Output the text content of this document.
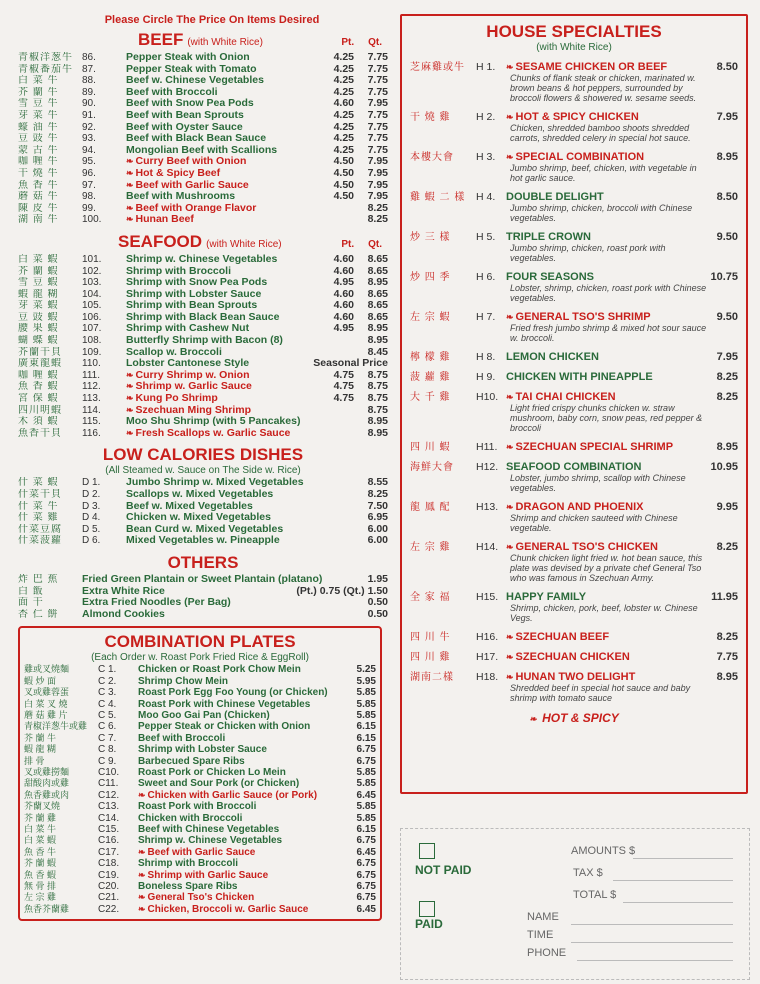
Please Circle The Price On Items Desired
BEEF (with White Rice)	Pt. Qt.
青椒洋葱牛 86.	Pepper Steak with Onion	4.25	7.75
青椒番茄牛 87.	Pepper Steak with Tomato	4.25	7.75
白 菜 牛	88.	Beef w. Chinese Vegetables	4.25	7.75
芥 蘭 牛	89.	Beef with Broccoli	4.25	7.75
雪 豆 牛	90.	Beef with Snow Pea Pods	4.60	7.95
芽 菜 牛	91.	Beef with Bean Sprouts	4.25	7.75
蠔 油 牛	92.	Beef with Oyster Sauce	4.25	7.75
豆 豉 牛	93.	Beef with Black Bean Sauce	4.25	7.75
蒙 古 牛	94.	Mongolian Beef with Scallions	4.25	7.75
咖 喱 牛	95.	❧ Curry Beef with Onion	4.50	7.95
干 燒 牛	96.	❧ Hot & Spicy Beef	4.50	7.95
魚 香 牛	97.	❧ Beef with Garlic Sauce	4.50	7.95
蘑 菇 牛	98.	Beef with Mushrooms	4.50	7.95
陳 皮 牛	99.	❧ Beef with Orange Flavor	8.25
湖 南 牛	100.	❧ Hunan Beef	8.25
SEAFOOD (with White Rice)	Pt. Qt.
白 菜 蝦	101.	Shrimp w. Chinese Vegetables	4.60	8.65
芥 蘭 蝦	102.	Shrimp with Broccoli	4.60	8.65
雪 豆 蝦	103.	Shrimp with Snow Pea Pods	4.95	8.95
蝦 龍 糊	104.	Shrimp with Lobster Sauce	4.60	8.65
芽 菜 蝦	105.	Shrimp with Bean Sprouts	4.60	8.65
豆 豉 蝦	106.	Shrimp with Black Bean Sauce	4.60	8.65
腰 果 蝦	107.	Shrimp with Cashew Nut	4.95	8.95
蝴 蝶 蝦	108.	Butterfly Shrimp with Bacon (8)	8.95
芥蘭干貝	109.	Scallop w. Broccoli	8.45
廣東龍蝦	110.	Lobster Cantonese Style	Seasonal Price
咖 喱 蝦	111.	❧ Curry Shrimp w. Onion	4.75	8.75
魚 香 蝦	112.	❧ Shrimp w. Garlic Sauce	4.75	8.75
宮 保 蝦	113.	❧ Kung Po Shrimp	4.75	8.75
四川明蝦	114.	❧ Szechuan Ming Shrimp	8.75
木 須 蝦	115.	Moo Shu Shrimp (with 5 Pancakes)	8.95
魚香干貝	116.	❧ Fresh Scallops w. Garlic Sauce	8.95
LOW CALORIES DISHES
(All Steamed w. Sauce on The Side w. Rice)
什 菜 蝦	D 1.	Jumbo Shrimp w. Mixed Vegetables	8.55
什菜干貝	D 2.	Scallops w. Mixed Vegetables	8.25
什 菜 牛	D 3.	Beef w. Mixed Vegetables	7.50
什 菜 雞	D 4.	Chicken w. Mixed Vegetables	6.95
什菜豆腐	D 5.	Bean Curd w. Mixed Vegetables	6.00
什菜菠蘿	D 6.	Mixed Vegetables w. Pineapple	6.00
OTHERS
炸 巴 蕉	Fried Green Plantain or Sweet Plantain (platano)	1.95
白 飯	Extra White Rice	(Pt.) 0.75 (Qt.) 1.50
面 干	Extra Fried Noodles (Per Bag)	0.50
杏 仁 餅	Almond Cookies	0.50
COMBINATION PLATES
(Each Order w. Roast Pork Fried Rice & EggRoll)
雞或叉燒麵	C 1.	Chicken or Roast Pork Chow Mein	5.25
蝦 炒 面	C 2.	Shrimp Chow Mein	5.95
叉或雞蓉蛋	C 3.	Roast Pork Egg Foo Young (or Chicken)	5.85
白 菜 叉 燒	C 4.	Roast Pork with Chinese Vegetables	5.85
蘑 菇 雞 片	C 5.	Moo Goo Gai Pan (Chicken)	5.85
青椒洋葱牛或雞	C 6.	Pepper Steak or Chicken with Onion	6.15
芥 蘭 牛	C 7.	Beef with Broccoli	6.15
蝦 龍 糊	C 8.	Shrimp with Lobster Sauce	6.75
排 骨	C 9.	Barbecued Spare Ribs	6.75
叉或雞撈麵	C10.	Roast Pork or Chicken Lo Mein	5.85
甜酸肉或雞	C11.	Sweet and Sour Pork (or Chicken)	5.85
魚香雞或肉	C12.	❧ Chicken with Garlic Sauce (or Pork)	6.45
芥蘭叉燒	C13.	Roast Pork with Broccoli	5.85
芥 蘭 雞	C14.	Chicken with Broccoli	5.85
白 菜 牛	C15.	Beef with Chinese Vegetables	6.15
白 菜 蝦	C16.	Shrimp w. Chinese Vegetables	6.75
魚 香 牛	C17.	❧ Beef with Garlic Sauce	6.45
芥 蘭 蝦	C18.	Shrimp with Broccoli	6.75
魚 香 蝦	C19.	❧ Shrimp with Garlic Sauce	6.75
無 骨 排	C20.	Boneless Spare Ribs	6.75
左 宗 雞	C21.	❧ General Tso's Chicken	6.75
魚香芥蘭雞	C22.	❧ Chicken, Broccoli w. Garlic Sauce	6.45
HOUSE SPECIALTIES
(with White Rice)
芝麻雞或牛	H 1.	❧ SESAME CHICKEN OR BEEF	8.50
Chunks of flank steak or chicken, marinated w. brown beans & hot peppers, surrounded by broccoli flowers & showered w. sesame seeds.
干 燒 雞	H 2.	❧ HOT & SPICY CHICKEN	7.95
Chicken, shredded bamboo shoots shredded carrots, shredded celery in special hot sauce.
本樓大會	H 3.	❧ SPECIAL COMBINATION	8.95
Jumbo shrimp, beef, chicken, with vegetable in hot garlic sauce.
雞 蝦 二 樣	H 4. DOUBLE DELIGHT	8.50
Jumbo shrimp, chicken, broccoli with Chinese vegetables.
炒 三 樣	H 5. TRIPLE CROWN	9.50
Jumbo shrimp, chicken, roast pork with vegetables.
炒 四 季	H 6. FOUR SEASONS	10.75
Lobster, shrimp, chicken, roast pork with Chinese vegetables.
左 宗 蝦	H 7.	❧ GENERAL TSO'S SHRIMP	9.50
Fried fresh jumbo shrimp & mixed hot sour sauce w. broccoli.
檸 檬 雞	H 8. LEMON CHICKEN	7.95
菠 蘿 雞	H 9. CHICKEN WITH PINEAPPLE	8.25
大 千 雞	H10. ❧ TAI CHAI CHICKEN	8.25
Light fried crispy chunks chicken w. straw mushroom, baby corn, snow peas, red pepper & broccoli
四 川 蝦	H11. ❧ SZECHUAN SPECIAL SHRIMP	8.95
海鮮大會	H12. SEAFOOD COMBINATION	10.95
Lobster, jumbo shrimp, scallop with Chinese vegetables.
龍 鳳 配	H13. ❧ DRAGON AND PHOENIX	9.95
Shrimp and chicken sauteed with Chinese vegetable.
左 宗 雞	H14. ❧ GENERAL TSO'S CHICKEN	8.25
Chunk chicken light fried w. hot bean sauce, this plate was devised by a private chef General Tso who was famous in Szechuan Army.
全 家 福	H15. HAPPY FAMILY	11.95
Shrimp, chicken, pork, beef, lobster w. Chinese Vegs.
四 川 牛	H16. ❧ SZECHUAN BEEF	8.25
四 川 雞	H17. ❧ SZECHUAN CHICKEN	7.75
湖南二樣	H18. ❧ HUNAN TWO DELIGHT	8.95
Shredded beef in special hot sauce and baby shrimp with tomato sauce
❧ HOT & SPICY
NOT PAID
PAID
AMOUNTS $
TAX $
TOTAL $
NAME
TIME
PHONE
